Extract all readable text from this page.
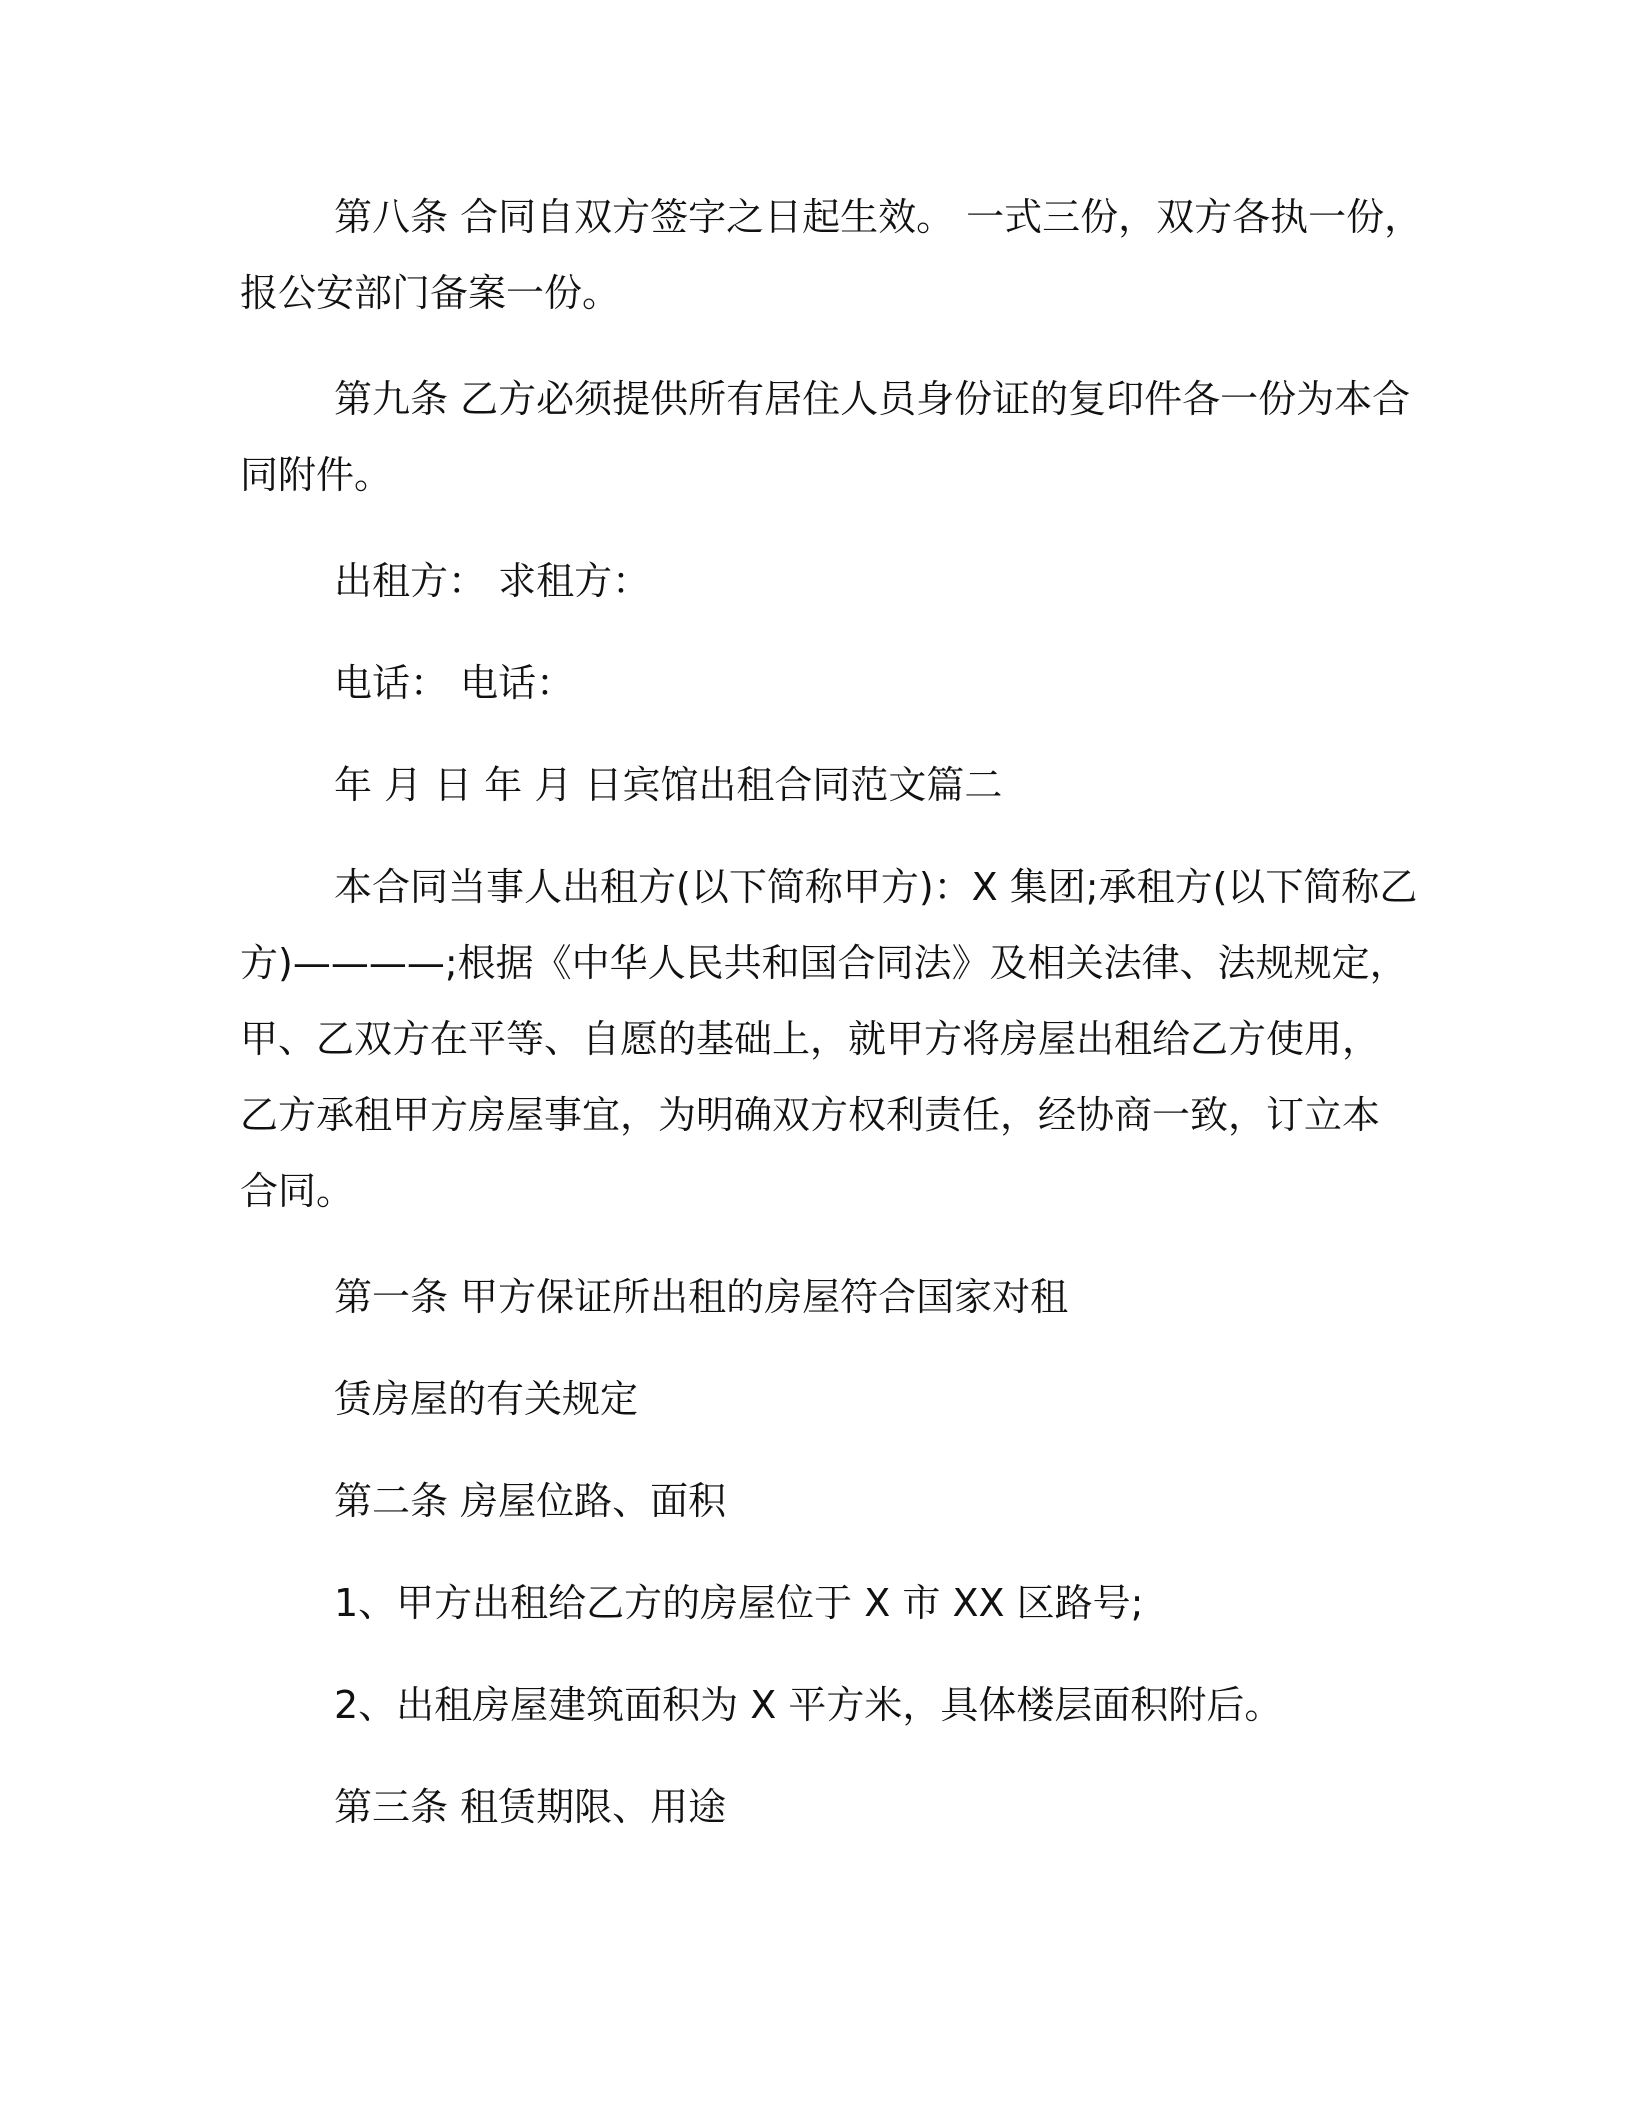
第八条 合同自双方签字之日起生效。 一式三份，双方各执一份，

报公安部门备案一份。

第九条 乙方必须提供所有居住人员身份证的复印件各一份为本合

同附件。

出租方： 求租方：

电话： 电话：

年 月 日 年 月 日宾馆出租合同范文篇二

本合同当事人出租方(以下简称甲方)：X 集团;承租方(以下简称乙

方)————;根据《中华人民共和国合同法》及相关法律、法规规定，

甲、乙双方在平等、自愿的基础上，就甲方将房屋出租给乙方使用，

乙方承租甲方房屋事宜，为明确双方权利责任，经协商一致，订立本

合同。

第一条 甲方保证所出租的房屋符合国家对租

赁房屋的有关规定

第二条 房屋位路、面积

1、甲方出租给乙方的房屋位于 X 市 XX 区路号;

2、出租房屋建筑面积为 X 平方米，具体楼层面积附后。

第三条 租赁期限、用途
